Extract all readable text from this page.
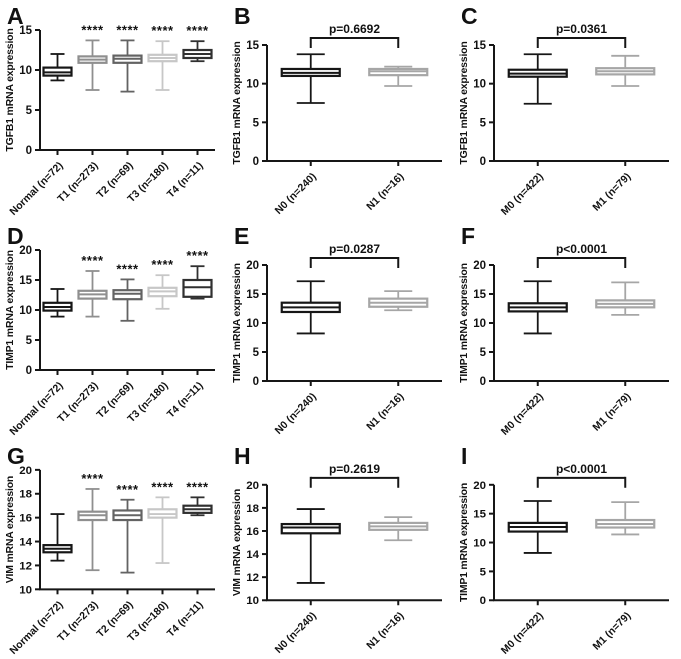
A
0
5
10
15
TGFB1 mRNA expression
Normal (n=72)
T1 (n=273)
****
T2 (n=69)
****
T3 (n=180)
****
T4 (n=11)
****
B
0
5
10
15
TGFB1 mRNA expression
N0 (n=240)	N1 (n=16)
p=0.6692	C
0
5
10
15
TGFB1 mRNA expression
M0 (n=422)	M1 (n=79)
p=0.0361
D
0
5
10
15
20
TIMP1 mRNA expression
Normal (n=72)
T1 (n=273)
****
T2 (n=69)
****
T3 (n=180)
****
T4 (n=11)
****
E
0
5
10
15
20
TIMP1 mRNA expression
N0 (n=240)	N1 (n=16)
p=0.0287	F
0
5
10
15
20
TIMP1 mRNA expression
M0 (n=422)	M1 (n=79)
p<0.0001
G
10
12
14
16
18
20
VIM mRNA expression
Normal (n=72)
T1 (n=273)
****
T2 (n=69)
****
T3 (n=180)
****
T4 (n=11)
****
H
10
12
14
16
18
20
VIM mRNA expression
N0 (n=240)	N1 (n=16)
p=0.2619	I
0
5
10
15
20
TIMP1 mRNA expression
M0 (n=422)	M1 (n=79)
p<0.0001
